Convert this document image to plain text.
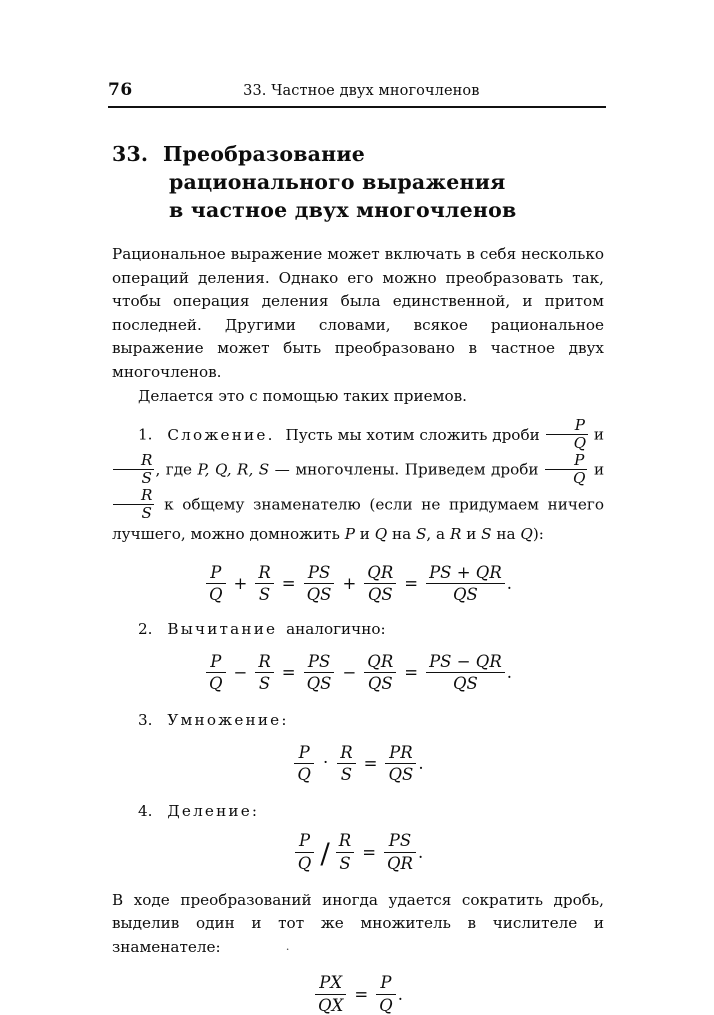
76	33. Частное двух многочленов
33.  Преобразование
рационального выражения
в частное двух многочленов

Рациональное выражение может включать в себя несколько операций деления. Однако его можно преобразовать так, чтобы операция деления была единственной, и притом последней. Другими словами, всякое рациональное выражение может быть преобразовано в частное двух многочленов.

Делается это с помощью таких приемов.

1. Сложение. Пусть мы хотим сложить дроби $\frac{P}{Q}$ и
$\frac{R}{S}$ , где P, Q, R, S — многочлены. Приведем дроби $\frac{P}{Q}$ и
$\frac{R}{S}$ к общему знаменателю (если не придумаем ничего лучшего, можно домножить P и Q на S, а R и S на Q):

$\frac{P}{Q} + \frac{R}{S} = \frac{PS}{QS} + \frac{QR}{QS} = \frac{PS + QR}{QS}$ .

2. Вычитание аналогично:

$\frac{P}{Q} - \frac{R}{S} = \frac{PS}{QS} - \frac{QR}{QS} = \frac{PS - QR}{QS}$ .

3. Умножение:

$\frac{P}{Q} \cdot \frac{R}{S} = \frac{PR}{QS}$ .

4. Деление:

$\frac{P}{Q} / \frac{R}{S} = \frac{PS}{QR}$ .

В ходе преобразований иногда удается сократить дробь, выделив один и тот же множитель в числителе и знаменателе:

$\frac{PX}{QX} = \frac{P}{Q}$ .
.
